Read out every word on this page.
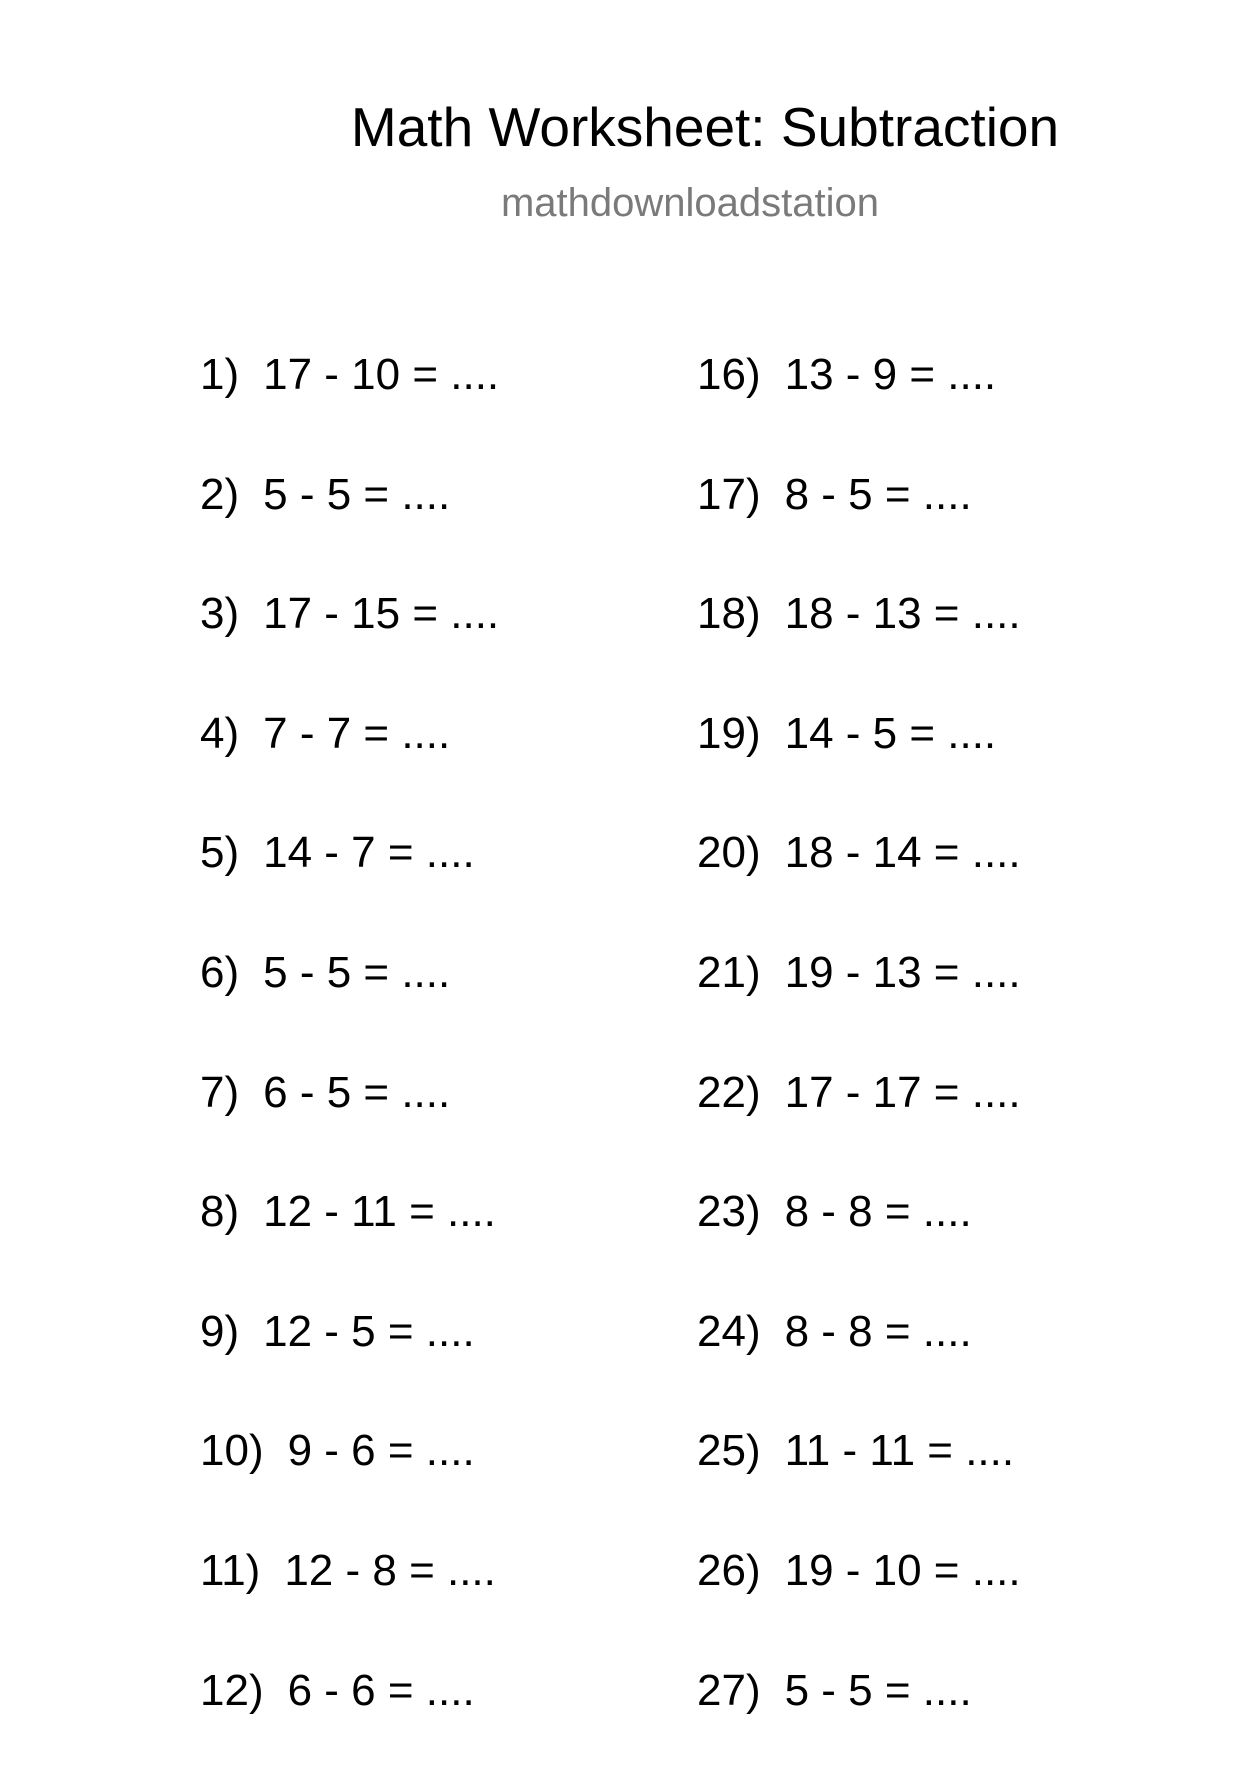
Math Worksheet: Subtraction
mathdownloadstation
1) 17 - 10 = ....
2) 5 - 5 = ....
3) 17 - 15 = ....
4) 7 - 7 = ....
5) 14 - 7 = ....
6) 5 - 5 = ....
7) 6 - 5 = ....
8) 12 - 11 = ....
9) 12 - 5 = ....
10) 9 - 6 = ....
11) 12 - 8 = ....
12) 6 - 6 = ....
16) 13 - 9 = ....
17) 8 - 5 = ....
18) 18 - 13 = ....
19) 14 - 5 = ....
20) 18 - 14 = ....
21) 19 - 13 = ....
22) 17 - 17 = ....
23) 8 - 8 = ....
24) 8 - 8 = ....
25) 11 - 11 = ....
26) 19 - 10 = ....
27) 5 - 5 = ....
